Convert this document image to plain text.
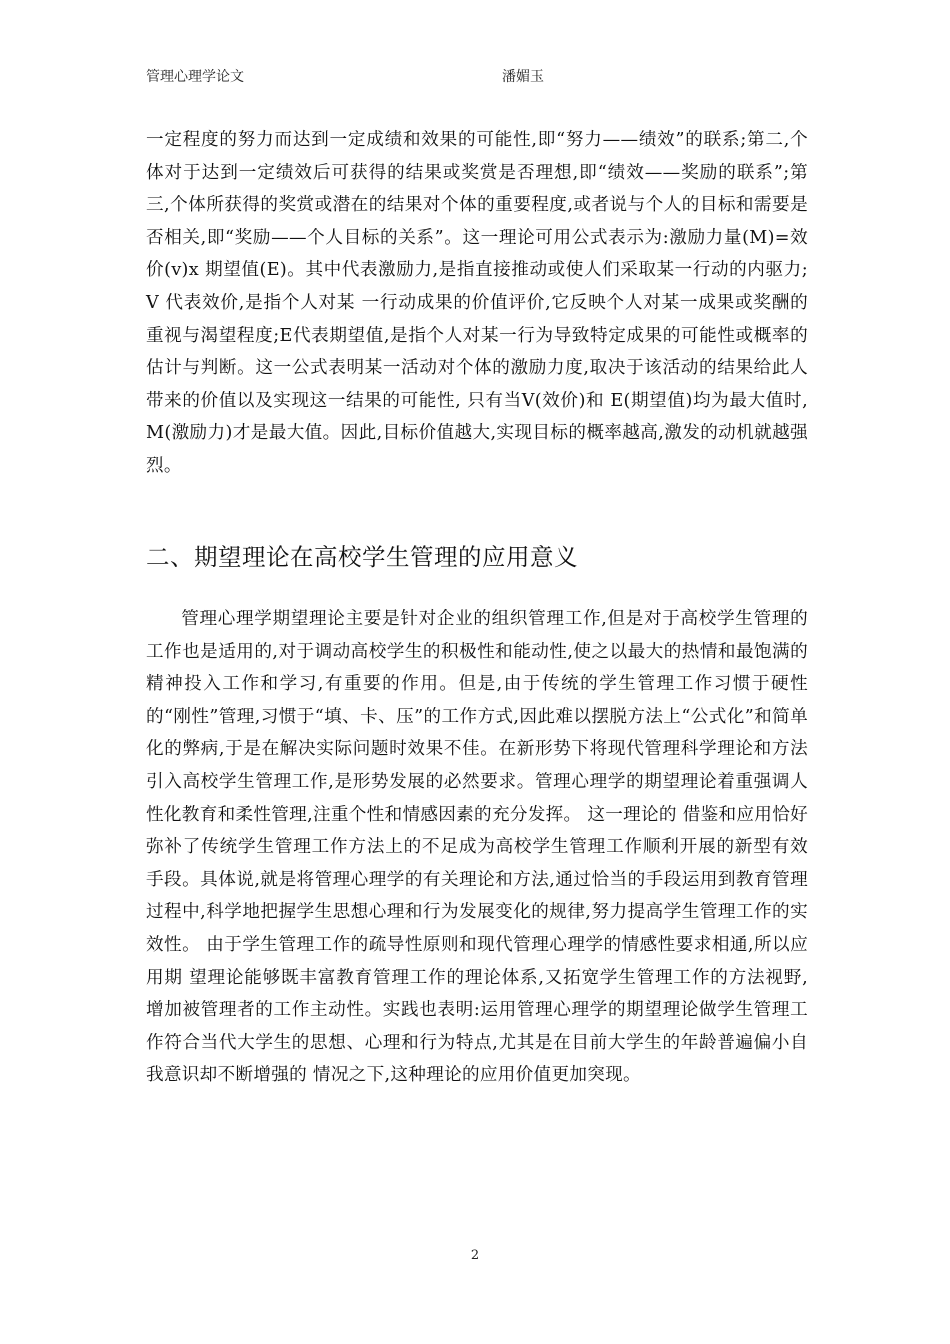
管理心理学论文	潘媚玉

一定程度的努力而达到一定成绩和效果的可能性,即“努力——绩效”的联系;第二,个体对于达到一定绩效后可获得的结果或奖赏是否理想,即“绩效——奖励的联系”;第三,个体所获得的奖赏或潜在的结果对个体的重要程度,或者说与个人的目标和需要是否相关,即“奖励——个人目标的关系”。这一理论可用公式表示为:激励力量(M)=效价(v)x 期望值(E)。其中代表激励力,是指直接推动或使人们采取某一行动的内驱力;V 代表效价,是指个人对某 一行动成果的价值评价,它反映个人对某一成果或奖酬的重视与渴望程度;E代表期望值,是指个人对某一行为导致特定成果的可能性或概率的估计与判断。这一公式表明某一活动对个体的激励力度,取决于该活动的结果给此人带来的价值以及实现这一结果的可能性, 只有当V(效价)和 E(期望值)均为最大值时,M(激励力)才是最大值。因此,目标价值越大,实现目标的概率越高,激发的动机就越强烈。

二、期望理论在高校学生管理的应用意义

管理心理学期望理论主要是针对企业的组织管理工作,但是对于高校学生管理的工作也是适用的,对于调动高校学生的积极性和能动性,使之以最大的热情和最饱满的精神投入工作和学习,有重要的作用。但是,由于传统的学生管理工作习惯于硬性的“刚性”管理,习惯于“填、卡、压”的工作方式,因此难以摆脱方法上“公式化”和简单化的弊病,于是在解决实际问题时效果不佳。在新形势下将现代管理科学理论和方法引入高校学生管理工作,是形势发展的必然要求。管理心理学的期望理论着重强调人性化教育和柔性管理,注重个性和情感因素的充分发挥。 这一理论的 借鉴和应用恰好弥补了传统学生管理工作方法上的不足成为高校学生管理工作顺利开展的新型有效手段。具体说,就是将管理心理学的有关理论和方法,通过恰当的手段运用到教育管理过程中,科学地把握学生思想心理和行为发展变化的规律,努力提高学生管理工作的实效性。 由于学生管理工作的疏导性原则和现代管理心理学的情感性要求相通,所以应用期 望理论能够既丰富教育管理工作的理论体系,又拓宽学生管理工作的方法视野, 增加被管理者的工作主动性。实践也表明:运用管理心理学的期望理论做学生管理工作符合当代大学生的思想、心理和行为特点,尤其是在目前大学生的年龄普遍偏小自我意识却不断增强的 情况之下,这种理论的应用价值更加突现。

2
